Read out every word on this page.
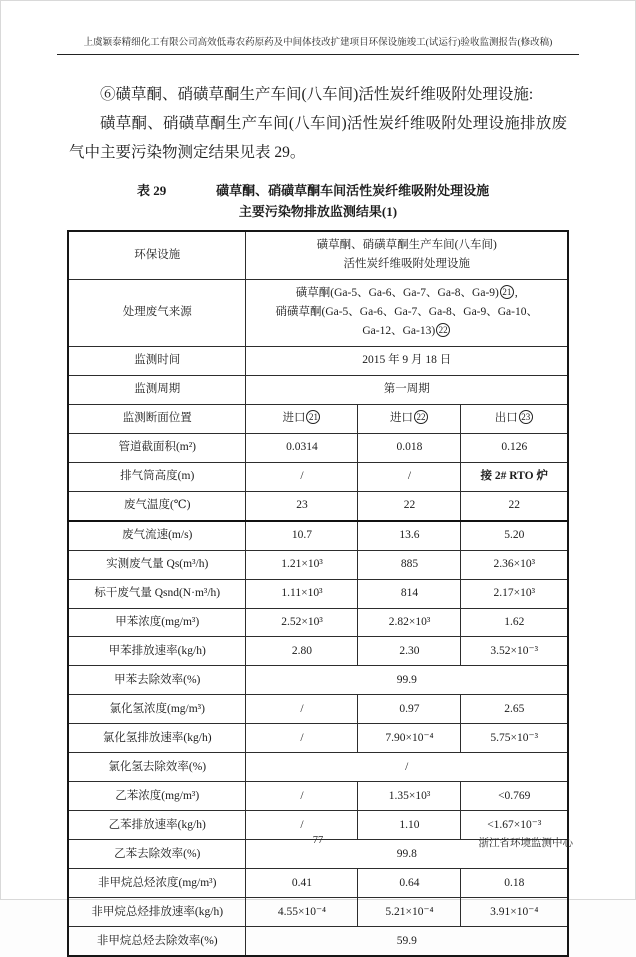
上虞颖泰精细化工有限公司高效低毒农药原药及中间体技改扩建项目环保设施竣工(试运行)验收监测报告(修改稿)

⑥磺草酮、硝磺草酮生产车间(八车间)活性炭纤维吸附处理设施:

磺草酮、硝磺草酮生产车间(八车间)活性炭纤维吸附处理设施排放废气中主要污染物测定结果见表 29。

表 29	磺草酮、硝磺草酮车间活性炭纤维吸附处理设施
主要污染物排放监测结果(1)
环保设施	磺草酮、硝磺草酮生产车间(八车间)
活性炭纤维吸附处理设施		
处理废气来源	磺草酮(Ga-5、Ga-6、Ga-7、Ga-8、Ga-9) 21 ,
硝磺草酮(Ga-5、Ga-6、Ga-7、Ga-8、Ga-9、Ga-10、
Ga-12、Ga-13) 22		
监测时间	2015 年 9 月 18 日		
监测周期	第一周期		
监测断面位置	进口 21	进口 22	出口 23
管道截面积(m²)	0.0314	0.018	0.126
排气筒高度(m)	/	/	接 2# RTO 炉
废气温度(℃)	23	22	22
废气流速(m/s)	10.7	13.6	5.20
实测废气量 Qs(m³/h)	1.21×10³	885	2.36×10³
标干废气量 Qsnd(N·m³/h)	1.11×10³	814	2.17×10³
甲苯浓度(mg/m³)	2.52×10³	2.82×10³	1.62
甲苯排放速率(kg/h)	2.80	2.30	3.52×10⁻³
甲苯去除效率(%)	99.9		
氯化氢浓度(mg/m³)	/	0.97	2.65
氯化氢排放速率(kg/h)	/	7.90×10⁻⁴	5.75×10⁻³
氯化氢去除效率(%)	/		
乙苯浓度(mg/m³)	/	1.35×10³	<0.769
乙苯排放速率(kg/h)	/	1.10	<1.67×10⁻³
乙苯去除效率(%)	99.8		
非甲烷总烃浓度(mg/m³)	0.41	0.64	0.18
非甲烷总烃排放速率(kg/h)	4.55×10⁻⁴	5.21×10⁻⁴	3.91×10⁻⁴
非甲烷总烃去除效率(%)	59.9		
77	浙江省环境监测中心
